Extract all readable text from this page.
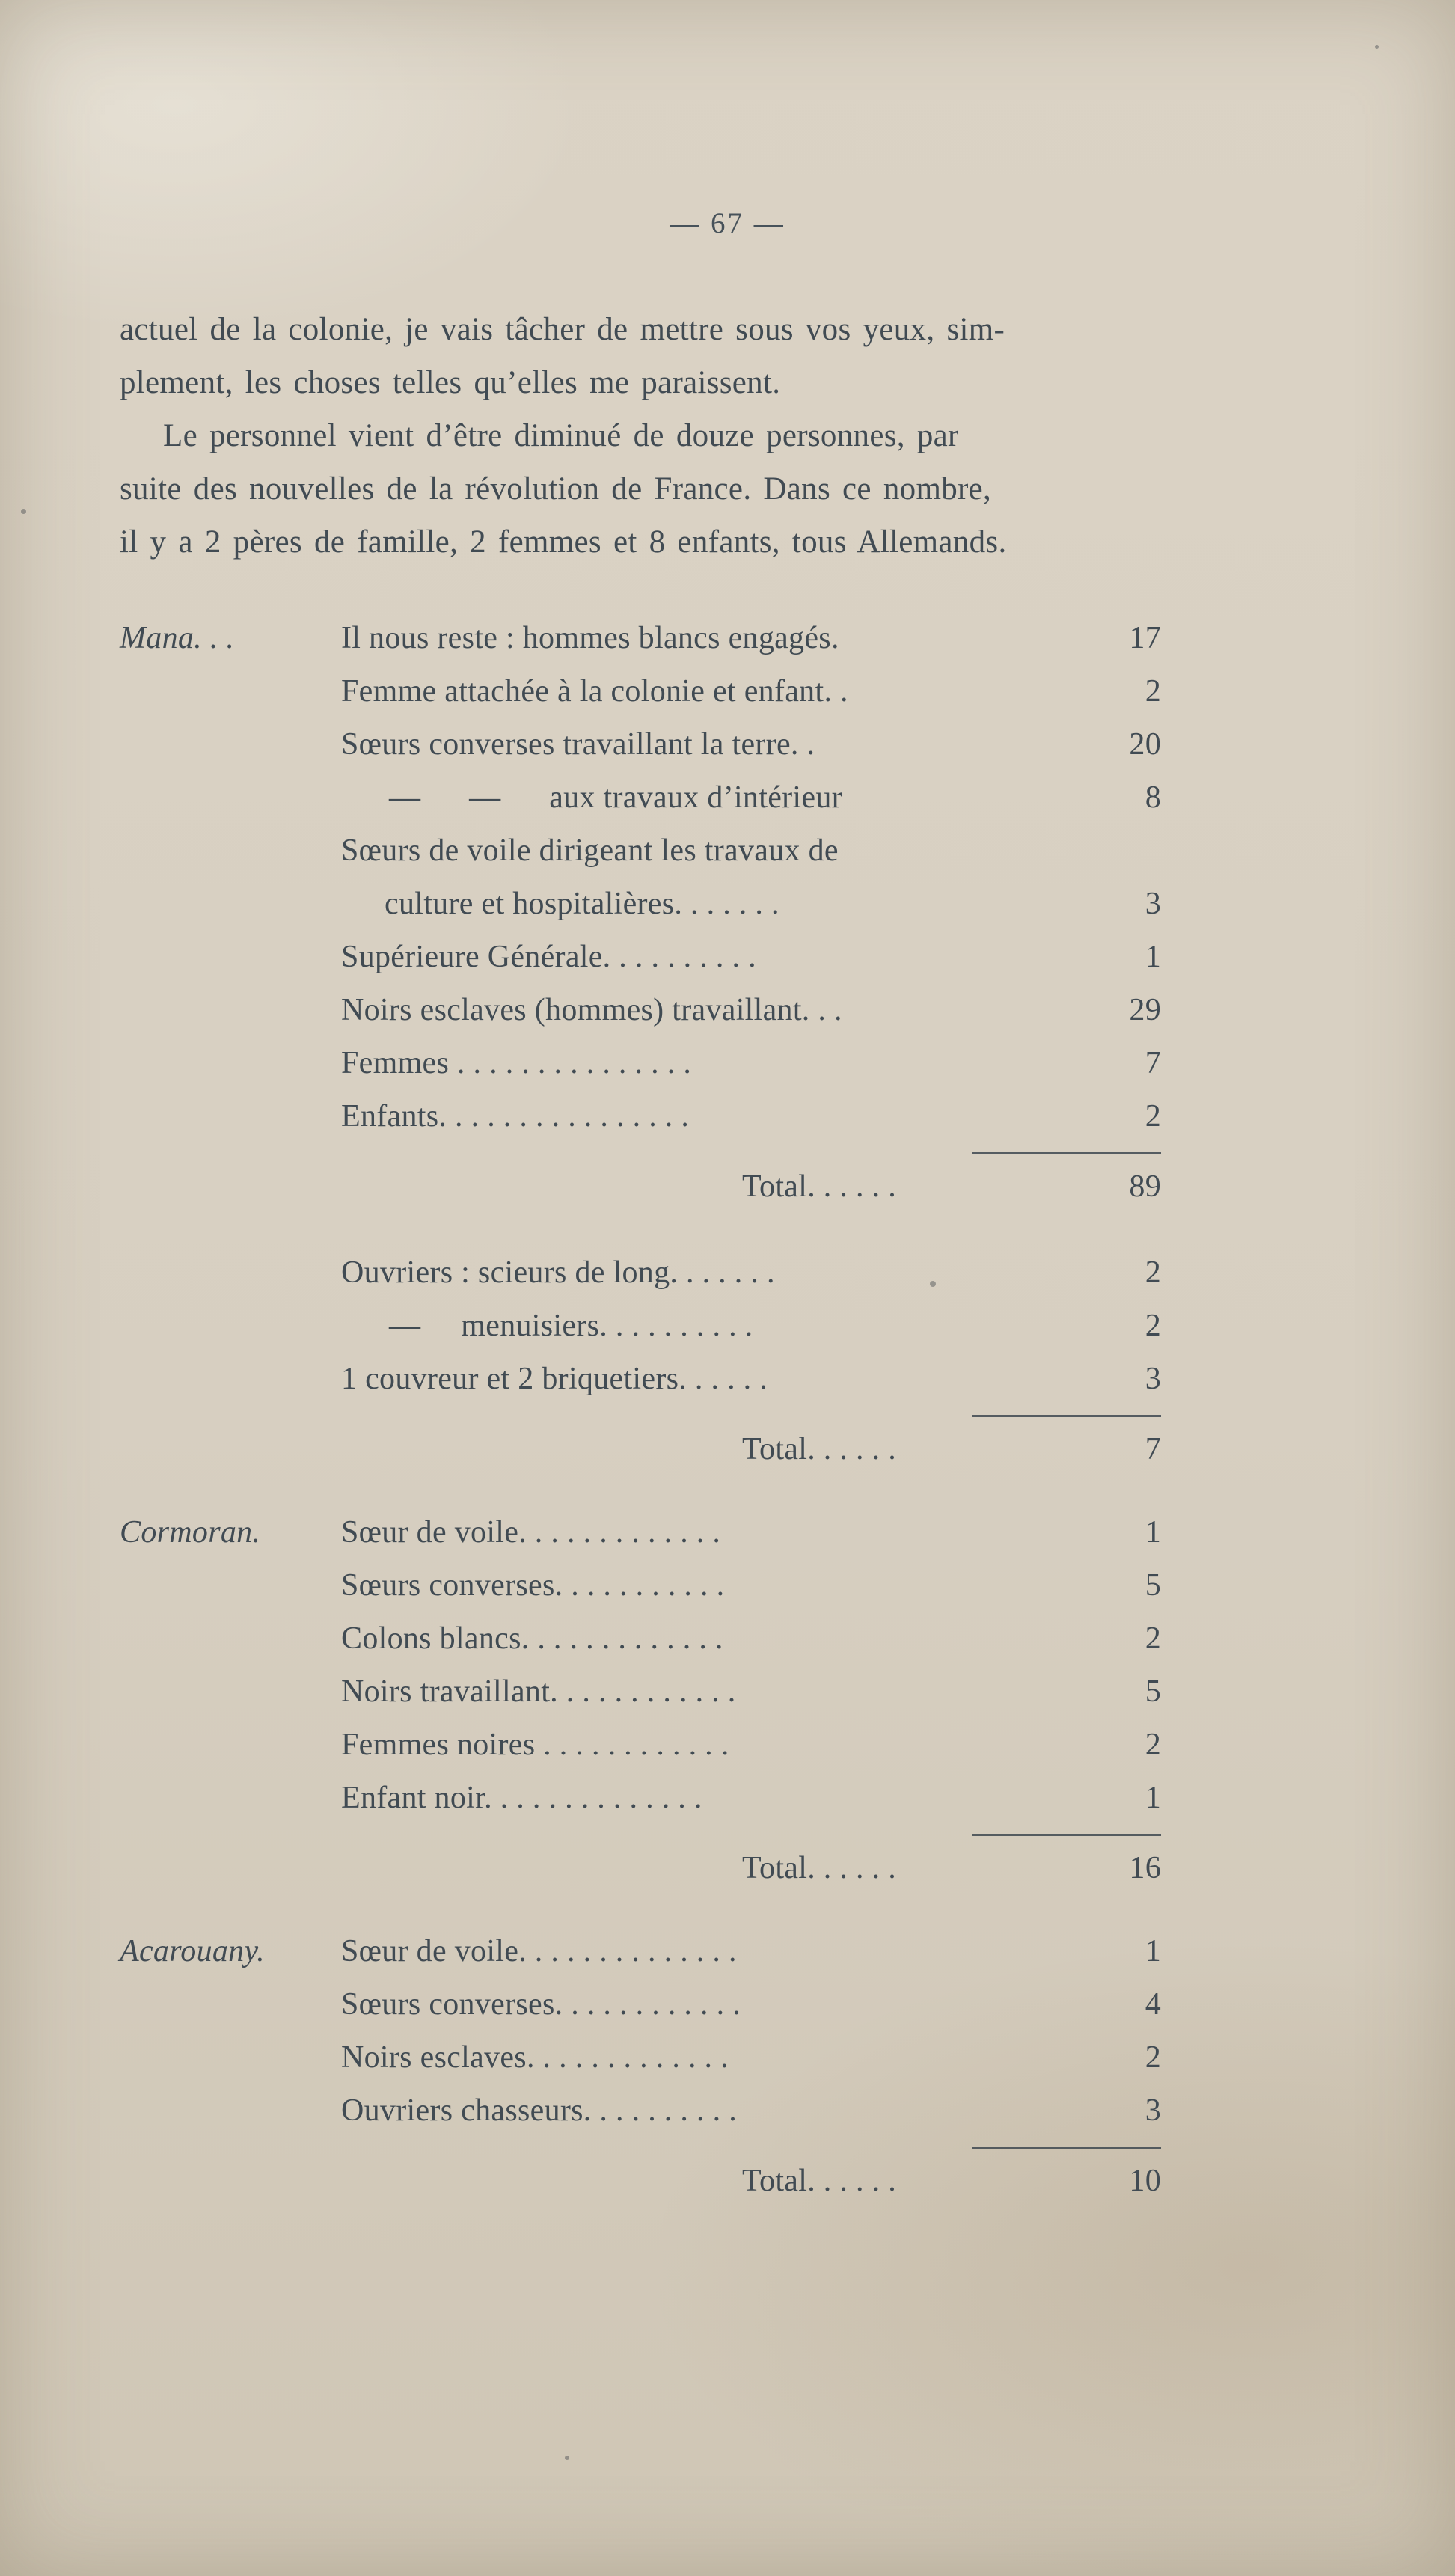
— 67 —
actuel de la colonie, je vais tâcher de mettre sous vos yeux, sim-
plement, les choses telles qu’elles me paraissent.
Le personnel vient d’être diminué de douze personnes, par
suite des nouvelles de la révolution de France. Dans ce nombre,
il y a 2 pères de famille, 2 femmes et 8 enfants, tous Allemands.
Mana. . .	Il nous reste : hommes blancs engagés.	17
Femme attachée à la colonie et enfant. .	2
Sœurs converses travaillant la terre. .	20
—      —      aux travaux d’intérieur	8
Sœurs de voile dirigeant les travaux de
culture et hospitalières. . . . . . .	3
Supérieure Générale. . . . . . . . . .	1
Noirs esclaves (hommes) travaillant. . .	29
Femmes . . . . . . . . . . . . . . .	7
Enfants. . . . . . . . . . . . . . . .	2
Total. . . . . .	89
Ouvriers : scieurs de long. . . . . . .	2
—     menuisiers. . . . . . . . . .	2
1 couvreur et 2 briquetiers. . . . . .	3
Total. . . . . .	7
Cormoran.	Sœur de voile. . . . . . . . . . . . .	1
Sœurs converses. . . . . . . . . . .	5
Colons blancs. . . . . . . . . . . . .	2
Noirs travaillant. . . . . . . . . . . .	5
Femmes noires . . . . . . . . . . . .	2
Enfant noir. . . . . . . . . . . . . .	1
Total. . . . . .	16
Acarouany.	Sœur de voile. . . . . . . . . . . . . .	1
Sœurs converses. . . . . . . . . . . .	4
Noirs esclaves. . . . . . . . . . . . .	2
Ouvriers chasseurs. . . . . . . . . .	3
Total. . . . . .	10
